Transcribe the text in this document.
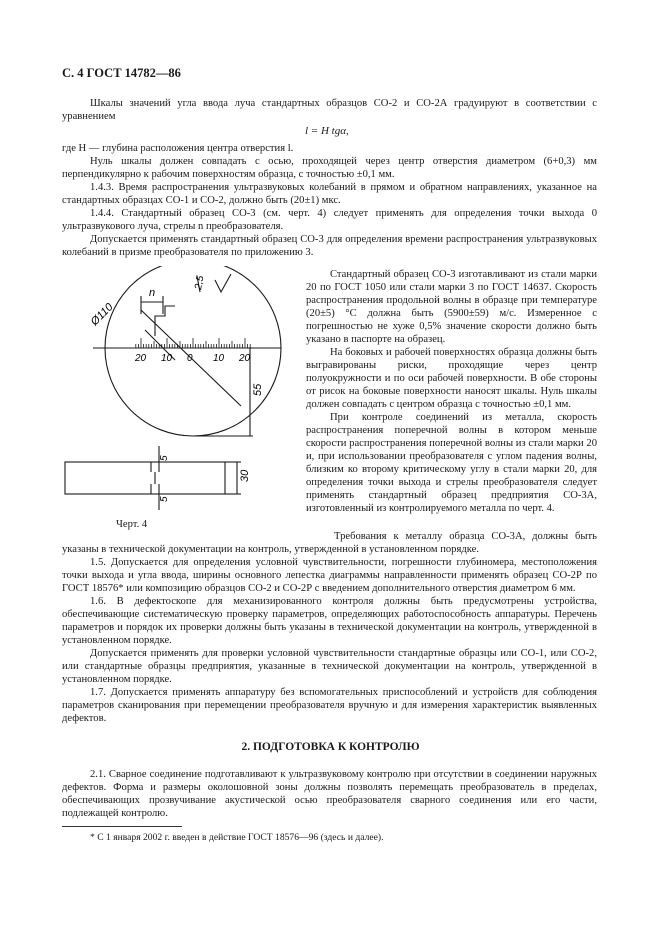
С. 4 ГОСТ 14782—86

Шкалы значений угла ввода луча стандартных образцов СО-2 и СО-2А градуируют в соответствии с уравнением

l = H tgα,

где H — глубина расположения центра отверстия l.

Нуль шкалы должен совпадать с осью, проходящей через центр отверстия диаметром (6+0,3) мм перпендикулярно к рабочим поверхностям образца, с точностью ±0,1 мм.

1.4.3. Время распространения ультразвуковых колебаний в прямом и обратном направлениях, указанное на стандартных образцах СО-1 и СО-2, должно быть (20±1) мкс.

1.4.4. Стандартный образец СО-3 (см. черт. 4) следует применять для определения точки выхода 0 ультразвукового луча, стрелы n преобразователя.

Допускается применять стандартный образец СО-3 для определения времени распространения ультразвуковых колебаний в призме преобразователя по приложению 3.

Ø110
n
2,5
55
30
5
5
20 10 0 10 20
Черт. 4

Стандартный образец СО-3 изготавливают из стали марки 20 по ГОСТ 1050 или стали марки 3 по ГОСТ 14637. Скорость распространения продольной волны в образце при температуре (20±5) °С должна быть (5900±59) м/с. Измеренное с погрешностью не хуже 0,5% значение скорости должно быть указано в паспорте на образец.

На боковых и рабочей поверхностях образца должны быть выгравированы риски, проходящие через центр полуокружности и по оси рабочей поверхности. В обе стороны от рисок на боковые поверхности наносят шкалы. Нуль шкалы должен совпадать с центром образца с точностью ±0,1 мм.

При контроле соединений из металла, скорость распространения поперечной волны в котором меньше скорости распространения поперечной волны из стали марки 20 и, при использовании преобразователя с углом падения волны, близким ко второму критическому углу в стали марки 20, для определения точки выхода и стрелы преобразователя следует применять стандартный образец предприятия СО-3А, изготовленный из контролируемого металла по черт. 4.

Требования к металлу образца СО-3А, должны быть указаны в технической документации на контроль, утвержденной в установленном порядке.

1.5. Допускается для определения условной чувствительности, погрешности глубиномера, местоположения точки выхода и угла ввода, ширины основного лепестка диаграммы направленности применять образец СО-2Р по ГОСТ 18576* или композицию образцов СО-2 и СО-2Р с введением дополнительного отверстия диаметром 6 мм.

1.6. В дефектоскопе для механизированного контроля должны быть предусмотрены устройства, обеспечивающие систематическую проверку параметров, определяющих работоспособность аппаратуры. Перечень параметров и порядок их проверки должны быть указаны в технической документации на контроль, утвержденной в установленном порядке.

Допускается применять для проверки условной чувствительности стандартные образцы или СО-1, или СО-2, или стандартные образцы предприятия, указанные в технической документации на контроль, утвержденной в установленном порядке.

1.7. Допускается применять аппаратуру без вспомогательных приспособлений и устройств для соблюдения параметров сканирования при перемещении преобразователя вручную и для измерения характеристик выявленных дефектов.

2. ПОДГОТОВКА К КОНТРОЛЮ

2.1. Сварное соединение подготавливают к ультразвуковому контролю при отсутствии в соединении наружных дефектов. Форма и размеры околошовной зоны должны позволять перемещать преобразователь в пределах, обеспечивающих прозвучивание акустической осью преобразователя сварного соединения или его части, подлежащей контролю.

* С 1 января 2002 г. введен в действие ГОСТ 18576—96 (здесь и далее).
